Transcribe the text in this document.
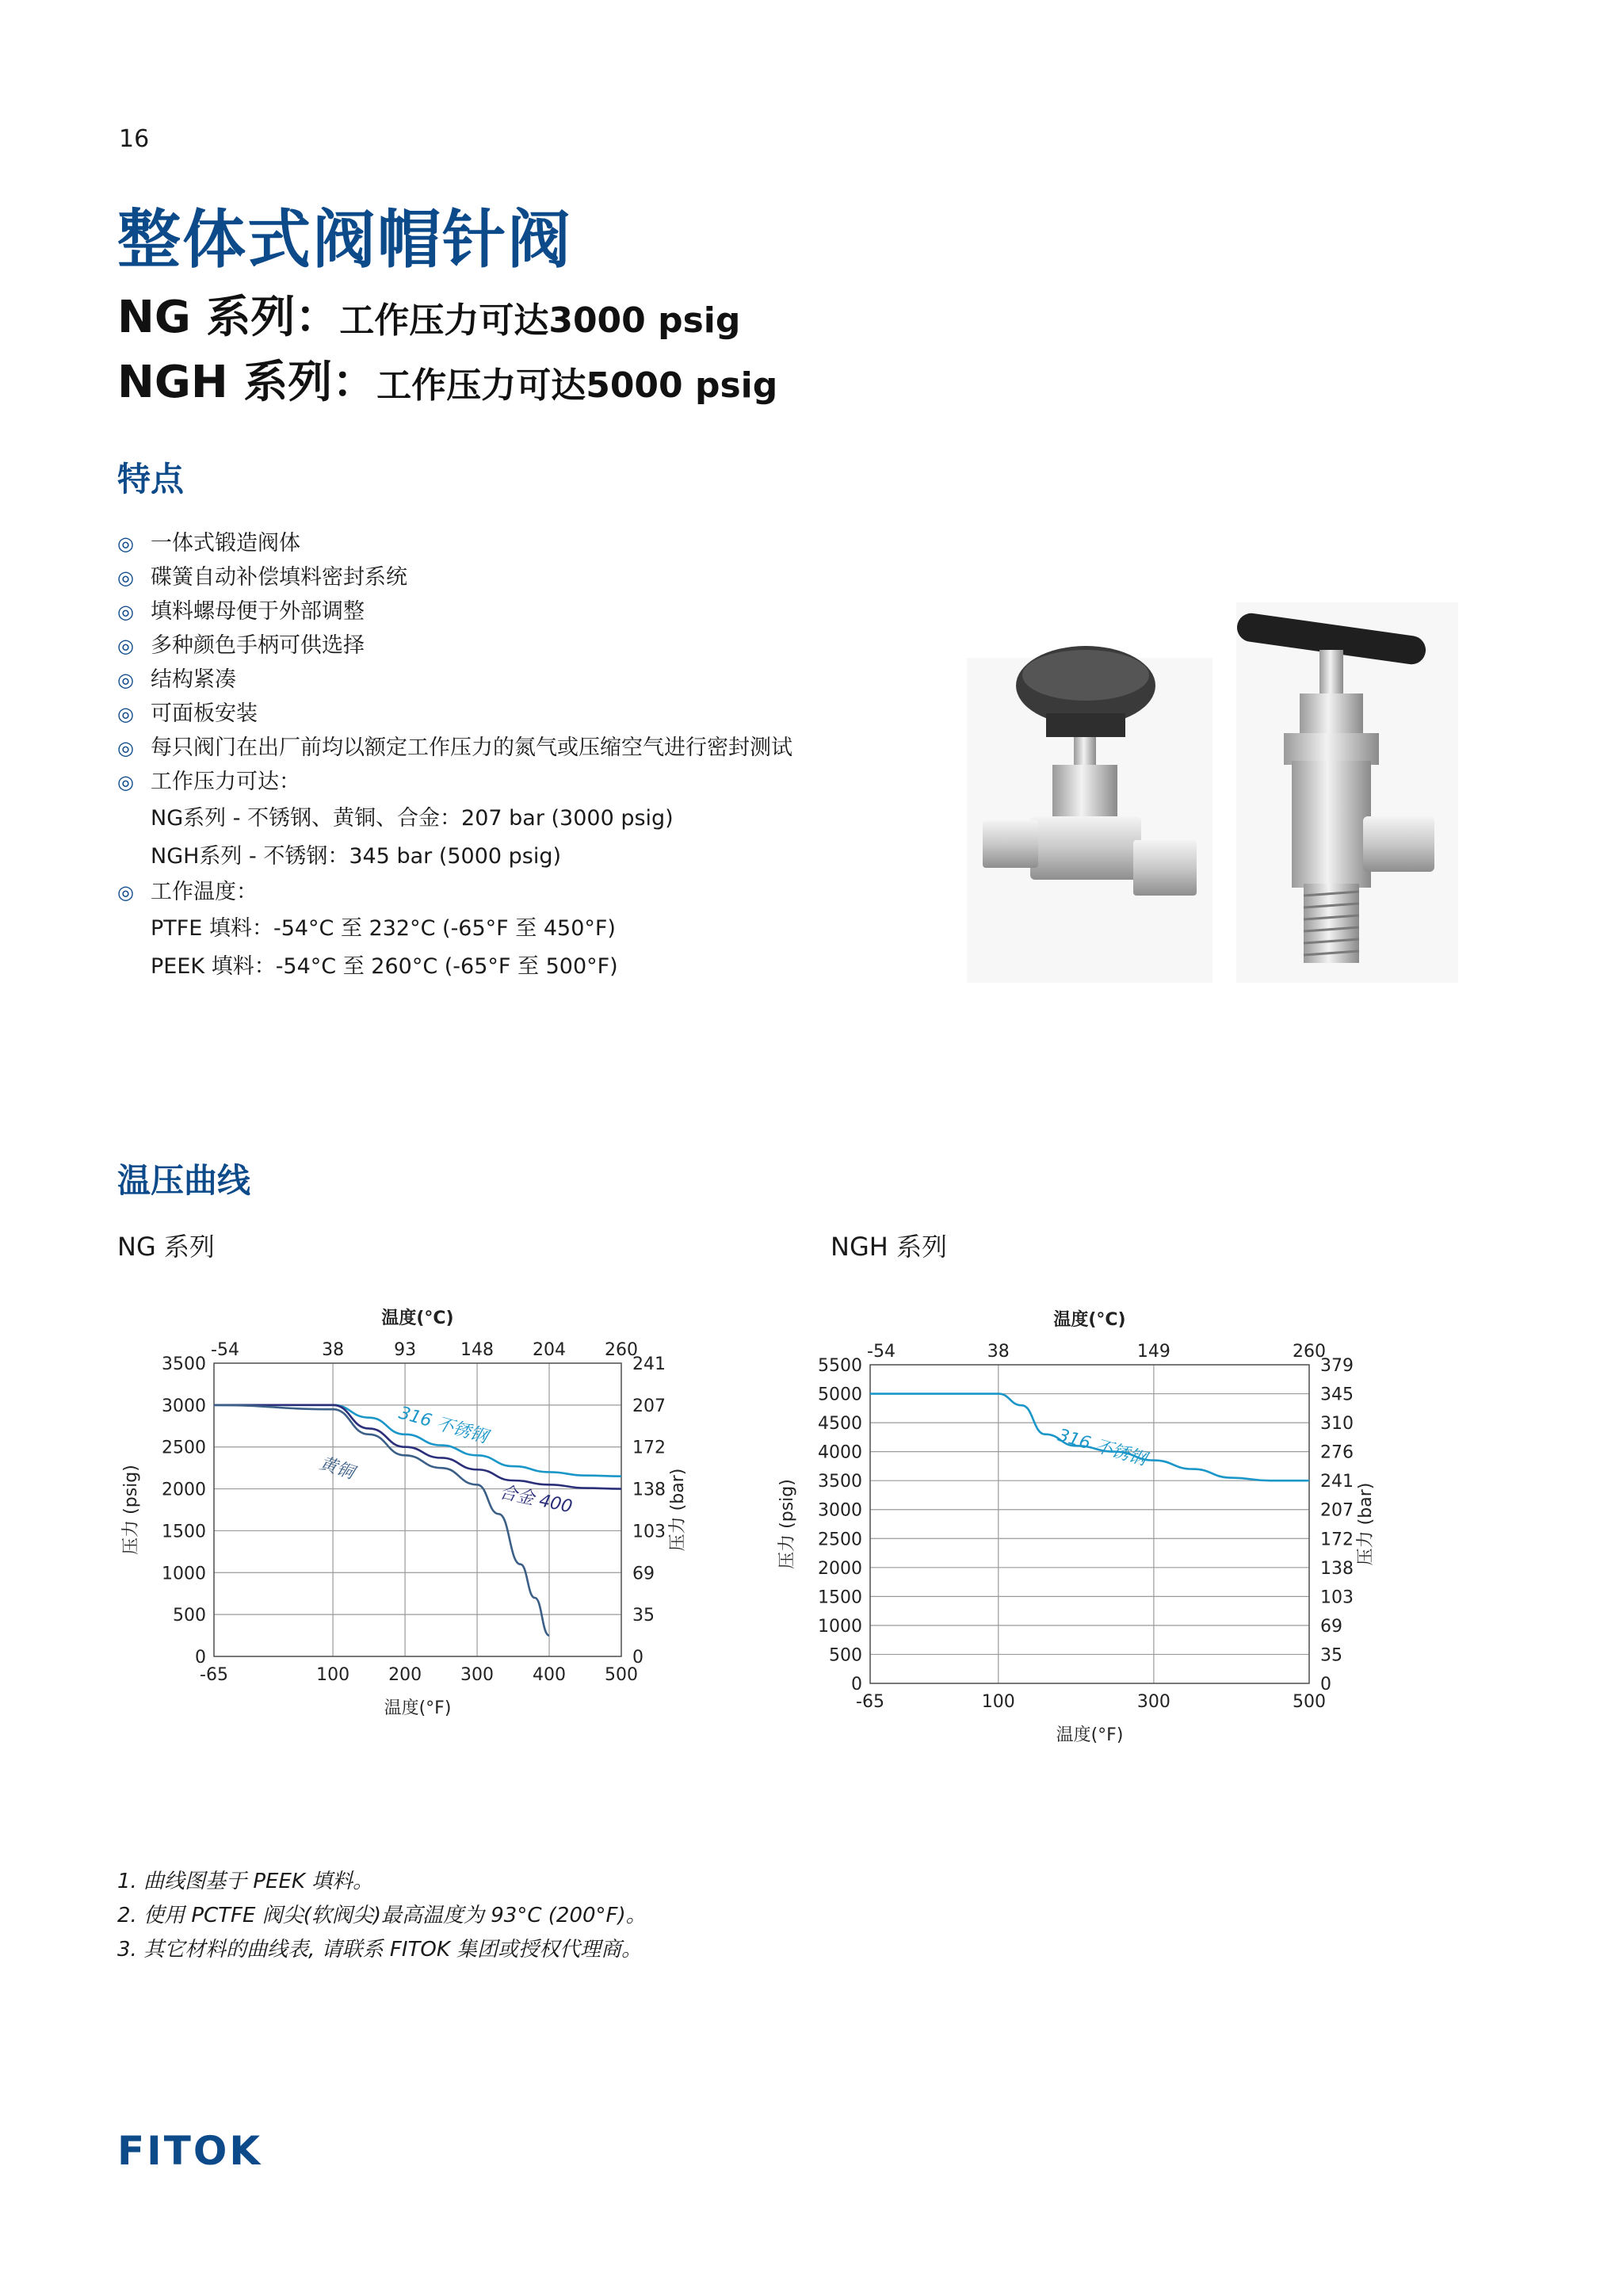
16
整体式阀帽针阀
NG 系列：工作压力可达3000 psig
NGH 系列：工作压力可达5000 psig
特点
◎ 一体式锻造阀体
◎ 碟簧自动补偿填料密封系统
◎ 填料螺母便于外部调整
◎ 多种颜色手柄可供选择
◎ 结构紧凑
◎ 可面板安装
◎ 每只阀门在出厂前均以额定工作压力的氮气或压缩空气进行密封测试
◎ 工作压力可达：
NG系列 - 不锈钢、黄铜、合金：207 bar (3000 psig)
NGH系列 - 不锈钢：345 bar (5000 psig)
◎ 工作温度：
PTFE 填料：-54°C 至 232°C (-65°F 至 450°F)
PEEK 填料：-54°C 至 260°C (-65°F 至 500°F)
温压曲线
NG 系列	NGH 系列
-65	100 200 300 400 500
-54	38	93	148 204 260
0
500
1000
1500
2000
2500
3000
3500
0
35
69
103
138
172
207
241
温度(°C)
温度(°F)
压力 (psig)	压力 (bar)
316 不锈钢
合金 400
黄铜
-65	100	300	500
-54	38	149	260
0
500
1000
1500
2000
2500
3000
3500
4000
4500
5000
5500
0
35
69
103
138
172
207
241
276
310
345
379
温度(°C)
温度(°F)
压力 (psig)	压力 (bar)
316 不锈钢
1. 曲线图基于 PEEK 填料。
2. 使用 PCTFE 阀尖(软阀尖)最高温度为 93°C (200°F)。
3. 其它材料的曲线表, 请联系 FITOK 集团或授权代理商。
FITOK
